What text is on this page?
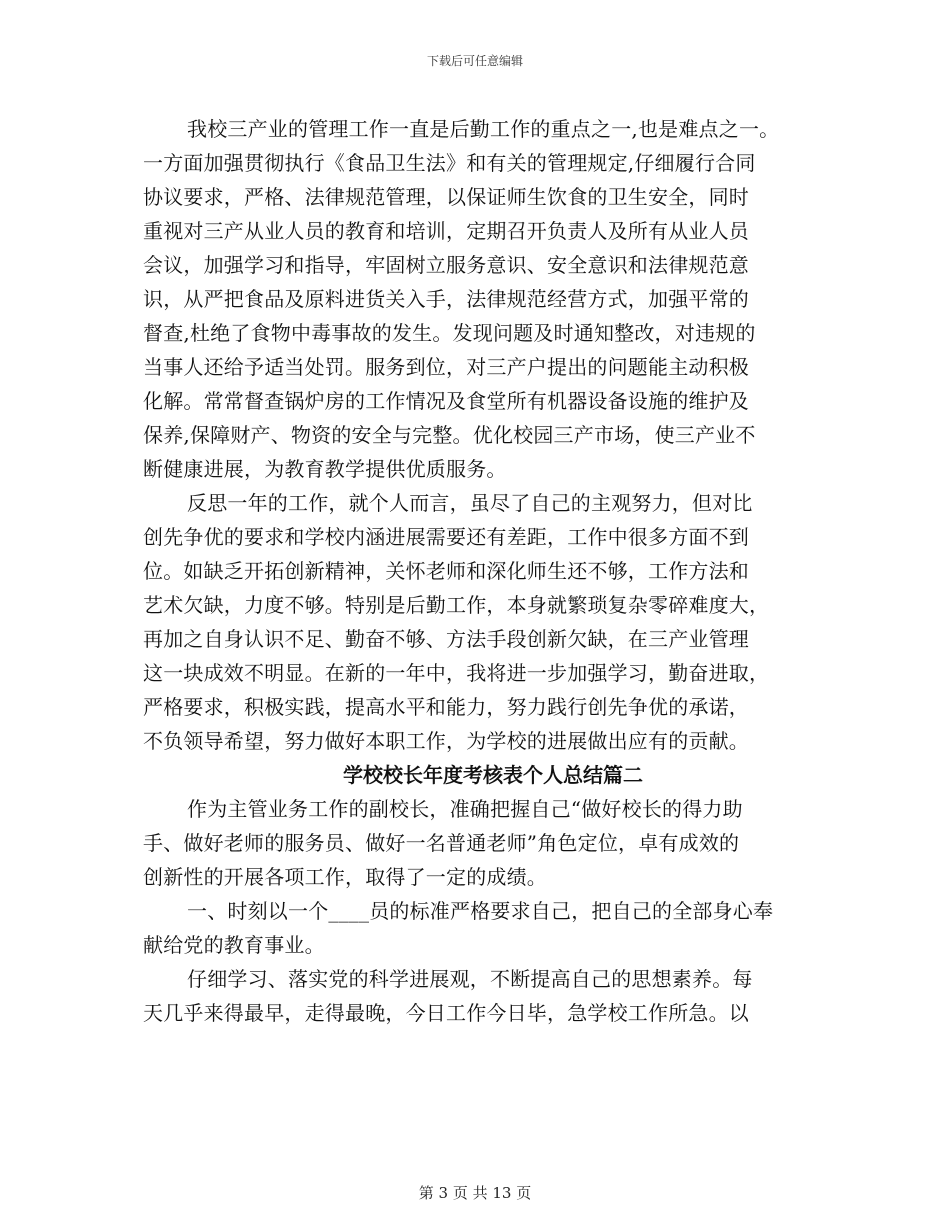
下载后可任意编辑
我校三产业的管理工作一直是后勤工作的重点之一,也是难点之一。
一方面加强贯彻执行《食品卫生法》和有关的管理规定,仔细履行合同
协议要求，严格、法律规范管理，以保证师生饮食的卫生安全，同时
重视对三产从业人员的教育和培训，定期召开负责人及所有从业人员
会议，加强学习和指导，牢固树立服务意识、安全意识和法律规范意
识，从严把食品及原料进货关入手，法律规范经营方式，加强平常的
督查,杜绝了食物中毒事故的发生。发现问题及时通知整改，对违规的
当事人还给予适当处罚。服务到位，对三产户提出的问题能主动积极
化解。常常督查锅炉房的工作情况及食堂所有机器设备设施的维护及
保养,保障财产、物资的安全与完整。优化校园三产市场，使三产业不
断健康进展，为教育教学提供优质服务。
反思一年的工作，就个人而言，虽尽了自己的主观努力，但对比
创先争优的要求和学校内涵进展需要还有差距，工作中很多方面不到
位。如缺乏开拓创新精神，关怀老师和深化师生还不够，工作方法和
艺术欠缺，力度不够。特别是后勤工作，本身就繁琐复杂零碎难度大，
再加之自身认识不足、勤奋不够、方法手段创新欠缺，在三产业管理
这一块成效不明显。在新的一年中，我将进一步加强学习，勤奋进取，
严格要求，积极实践，提高水平和能力，努力践行创先争优的承诺，
不负领导希望，努力做好本职工作，为学校的进展做出应有的贡献。
学校校长年度考核表个人总结篇二
作为主管业务工作的副校长，准确把握自己“做好校长的得力助
手、做好老师的服务员、做好一名普通老师”角色定位，卓有成效的
创新性的开展各项工作，取得了一定的成绩。
一、时刻以一个____员的标准严格要求自己，把自己的全部身心奉
献给党的教育事业。
仔细学习、落实党的科学进展观，不断提高自己的思想素养。每
天几乎来得最早，走得最晚，今日工作今日毕，急学校工作所急。以
第 3 页 共 13 页
